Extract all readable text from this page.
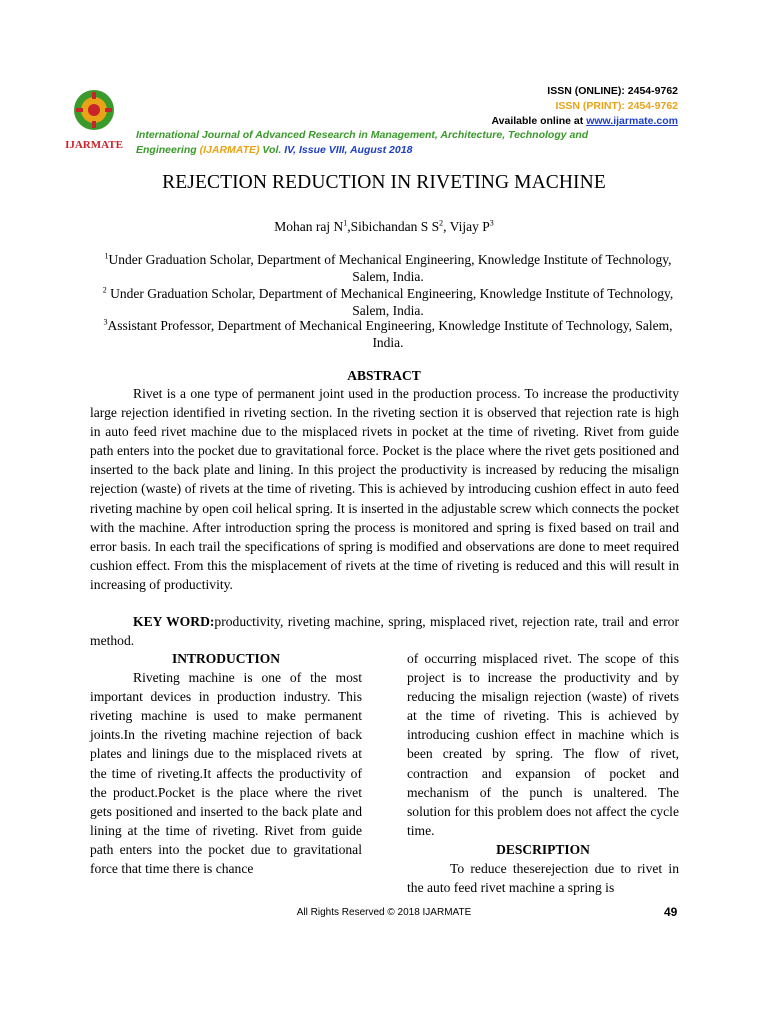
IJARMATE
ISSN (ONLINE): 2454-9762
ISSN (PRINT): 2454-9762
Available online at www.ijarmate.com
International Journal of Advanced Research in Management, Architecture, Technology and
Engineering (IJARMATE) Vol. IV, Issue VIII, August 2018
REJECTION REDUCTION IN RIVETING MACHINE
Mohan raj $N^1,Sibichandan$ S $S^2$, Vijay $P^3$
$^1$Under Graduation Scholar, Department of Mechanical Engineering, Knowledge Institute of Technology, Salem, India.
$^2$ Under Graduation Scholar, Department of Mechanical Engineering, Knowledge Institute of Technology, Salem, India.
$^3$Assistant Professor, Department of Mechanical Engineering, Knowledge Institute of Technology, Salem, India.
ABSTRACT
Rivet is a one type of permanent joint used in the production process. To increase the productivity large rejection identified in riveting section. In the riveting section it is observed that rejection rate is high in auto feed rivet machine due to the misplaced rivets in pocket at the time of riveting. Rivet from guide path enters into the pocket due to gravitational force. Pocket is the place where the rivet gets positioned and inserted to the back plate and lining. In this project the productivity is increased by reducing the misalign rejection (waste) of rivets at the time of riveting. This is achieved by introducing cushion effect in auto feed riveting machine by open coil helical spring. It is inserted in the adjustable screw which connects the pocket with the machine. After introduction spring the process is monitored and spring is fixed based on trail and error basis. In each trail the specifications of spring is modified and observations are done to meet required cushion effect. From this the misplacement of rivets at the time of riveting is reduced and this will result in increasing of productivity.
KEY WORD:productivity, riveting machine, spring, misplaced rivet, rejection rate, trail and error method.
INTRODUCTION
Riveting machine is one of the most important devices in production industry. This riveting machine is used to make permanent joints.In the riveting machine rejection of back plates and linings due to the misplaced rivets at the time of riveting.It affects the productivity of the product.Pocket is the place where the rivet gets positioned and inserted to the back plate and lining at the time of riveting. Rivet from guide path enters into the pocket due to gravitational force that time there is chance
of occurring misplaced rivet. The scope of this project is to increase the productivity and by reducing the misalign rejection (waste) of rivets at the time of riveting. This is achieved by introducing cushion effect in machine which is been created by spring. The flow of rivet, contraction and expansion of pocket and mechanism of the punch is unaltered. The solution for this problem does not affect the cycle time.
DESCRIPTION
To reduce theserejection due to rivet in the auto feed rivet machine a spring is
All Rights Reserved © 2018 IJARMATE	49
